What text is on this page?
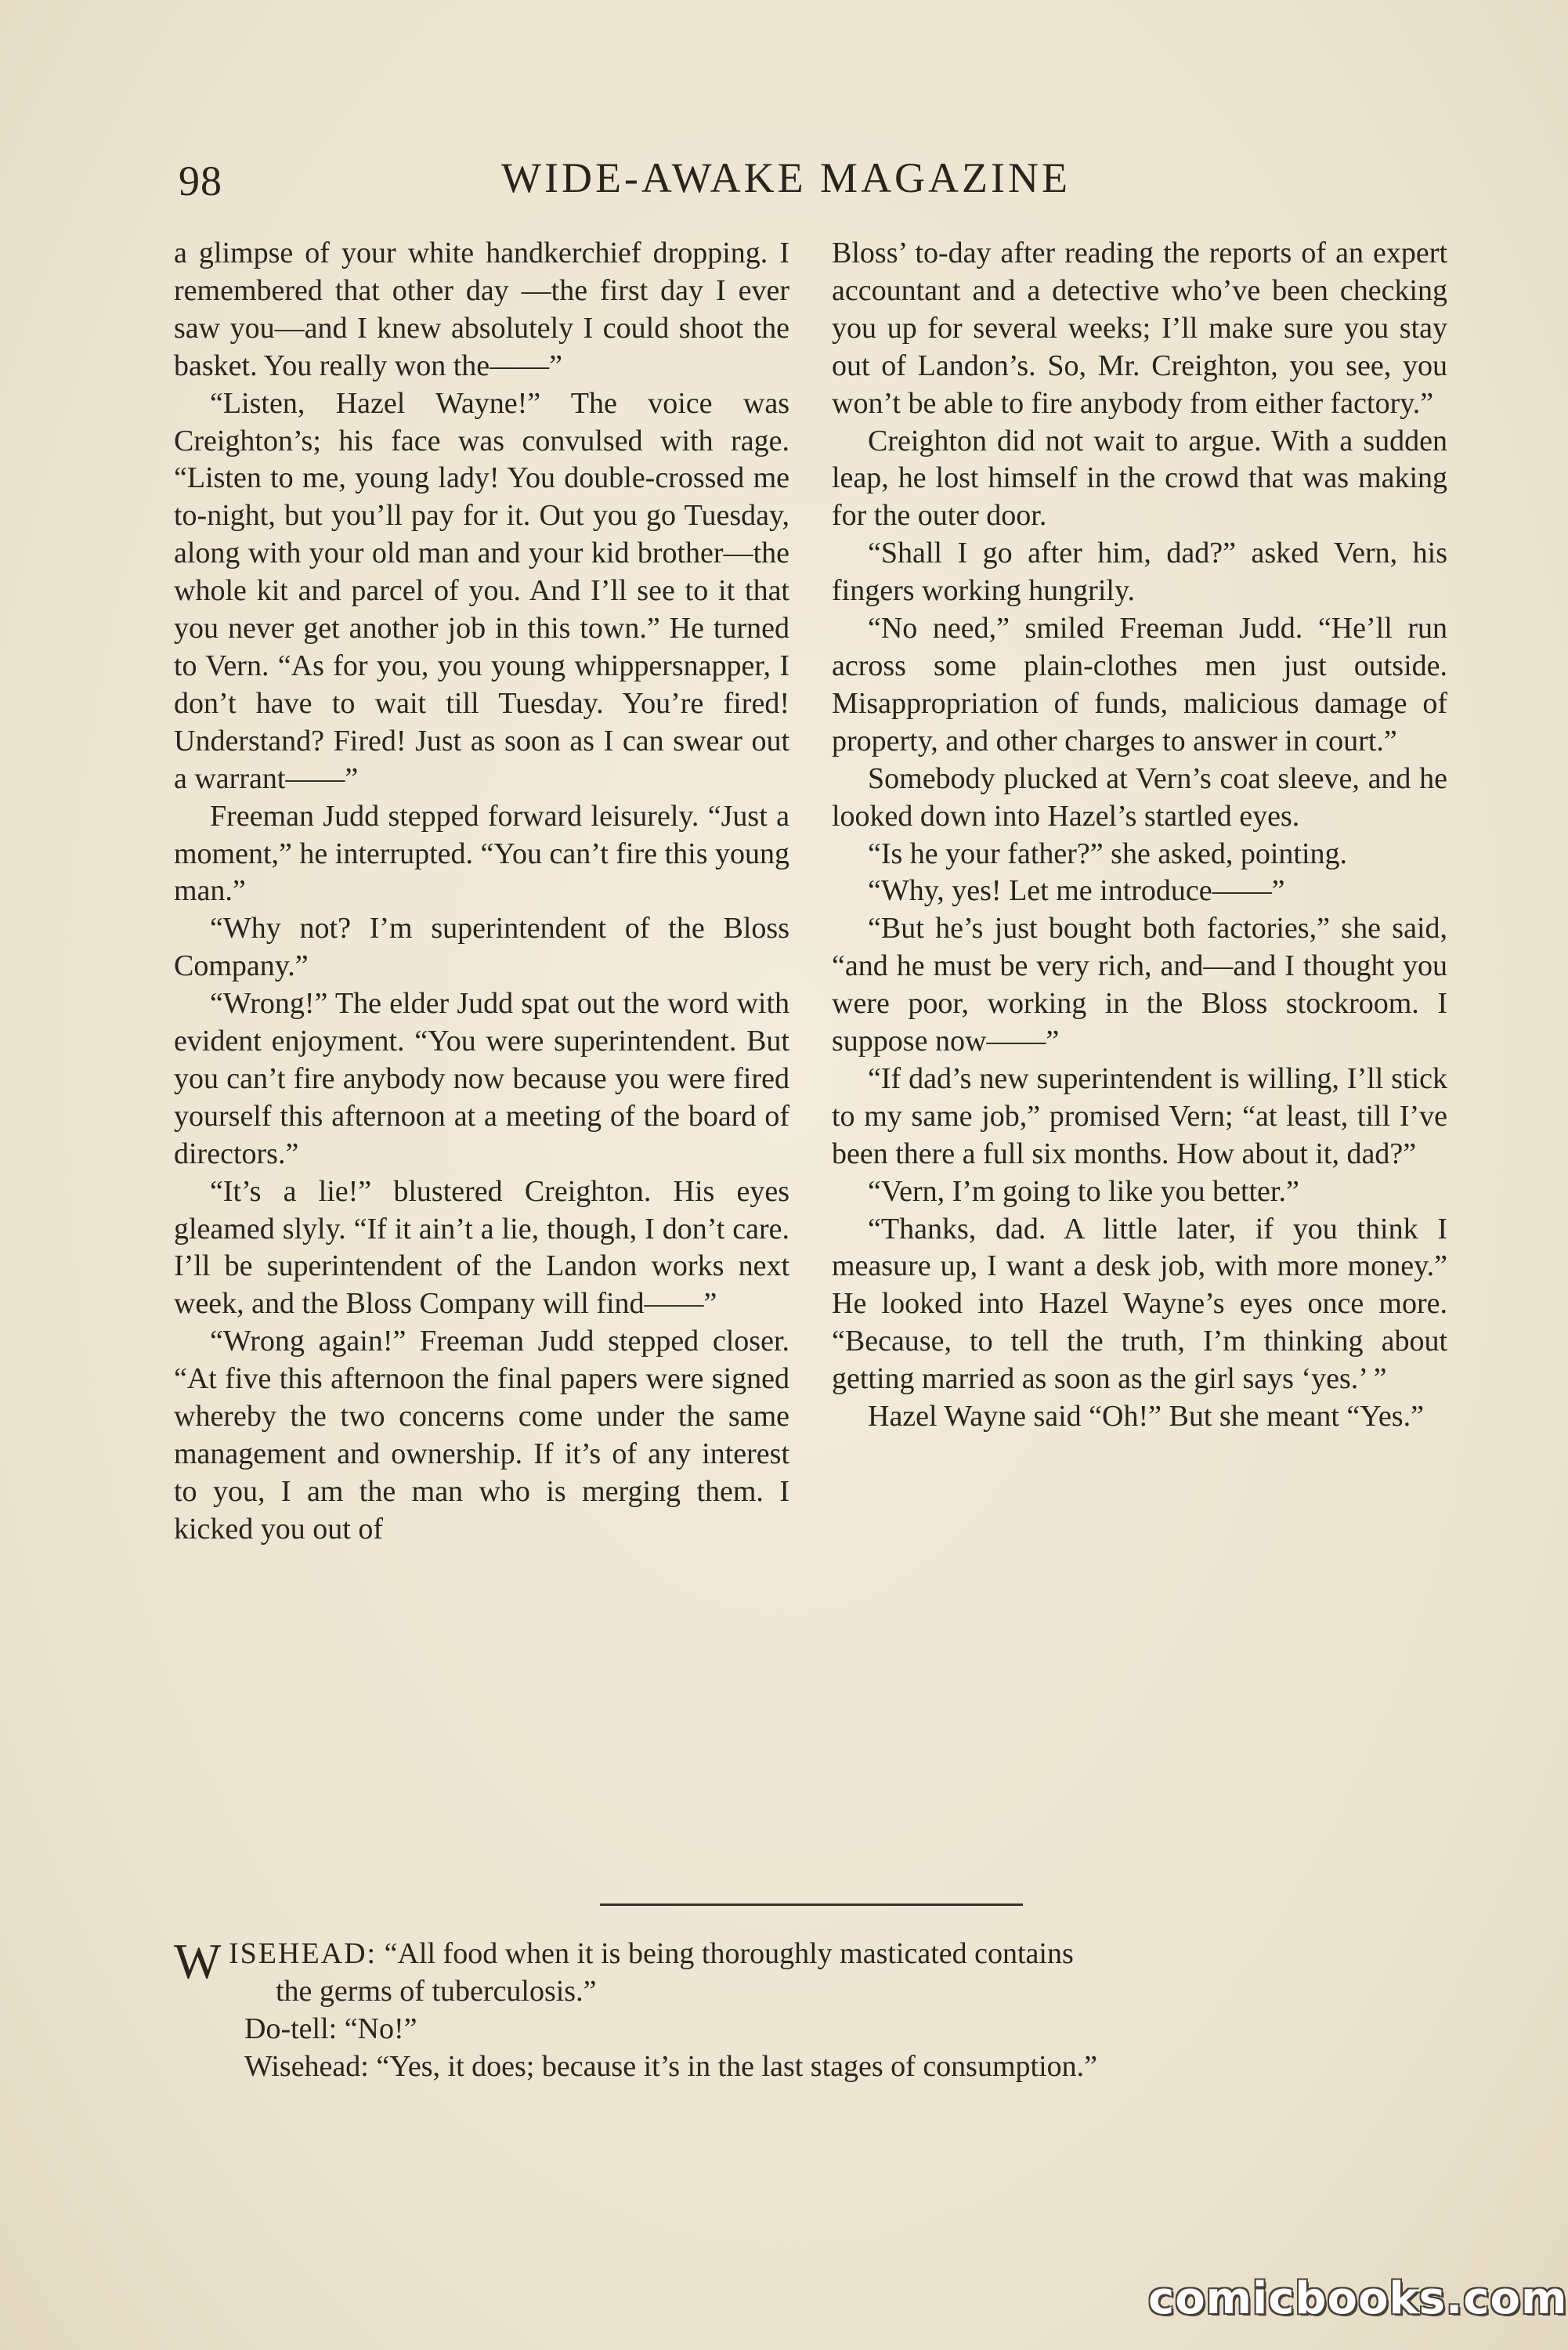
98	WIDE-AWAKE MAGAZINE

a glimpse of your white handkerchief dropping. I remembered that other day —the first day I ever saw you—and I knew absolutely I could shoot the basket. You really won the——”

“Listen, Hazel Wayne!” The voice was Creighton’s; his face was convulsed with rage. “Listen to me, young lady! You double-crossed me to-night, but you’ll pay for it. Out you go Tuesday, along with your old man and your kid brother—the whole kit and parcel of you. And I’ll see to it that you never get another job in this town.” He turned to Vern. “As for you, you young whippersnapper, I don’t have to wait till Tuesday. You’re fired! Understand? Fired! Just as soon as I can swear out a warrant——”

Freeman Judd stepped forward leisurely. “Just a moment,” he interrupted. “You can’t fire this young man.”

“Why not? I’m superintendent of the Bloss Company.”

“Wrong!” The elder Judd spat out the word with evident enjoyment. “You were superintendent. But you can’t fire anybody now because you were fired yourself this afternoon at a meeting of the board of directors.”

“It’s a lie!” blustered Creighton. His eyes gleamed slyly. “If it ain’t a lie, though, I don’t care. I’ll be superintendent of the Landon works next week, and the Bloss Company will find——”

“Wrong again!” Freeman Judd stepped closer. “At five this afternoon the final papers were signed whereby the two concerns come under the same management and ownership. If it’s of any interest to you, I am the man who is merging them. I kicked you out of

Bloss’ to-day after reading the reports of an expert accountant and a detective who’ve been checking you up for several weeks; I’ll make sure you stay out of Landon’s. So, Mr. Creighton, you see, you won’t be able to fire anybody from either factory.”

Creighton did not wait to argue. With a sudden leap, he lost himself in the crowd that was making for the outer door.

“Shall I go after him, dad?” asked Vern, his fingers working hungrily.

“No need,” smiled Freeman Judd. “He’ll run across some plain-clothes men just outside. Misappropriation of funds, malicious damage of property, and other charges to answer in court.”

Somebody plucked at Vern’s coat sleeve, and he looked down into Hazel’s startled eyes.

“Is he your father?” she asked, pointing.

“Why, yes! Let me introduce——”

“But he’s just bought both factories,” she said, “and he must be very rich, and—and I thought you were poor, working in the Bloss stockroom. I suppose now——”

“If dad’s new superintendent is willing, I’ll stick to my same job,” promised Vern; “at least, till I’ve been there a full six months. How about it, dad?”

“Vern, I’m going to like you better.”

“Thanks, dad. A little later, if you think I measure up, I want a desk job, with more money.” He looked into Hazel Wayne’s eyes once more. “Because, to tell the truth, I’m thinking about getting married as soon as the girl says ‘yes.’ ”

Hazel Wayne said “Oh!” But she meant “Yes.”

W ISEHEAD: “All food when it is being thoroughly masticated contains

the germs of tuberculosis.”

Do-tell: “No!”

Wisehead: “Yes, it does; because it’s in the last stages of consumption.”

comicbooks.com
